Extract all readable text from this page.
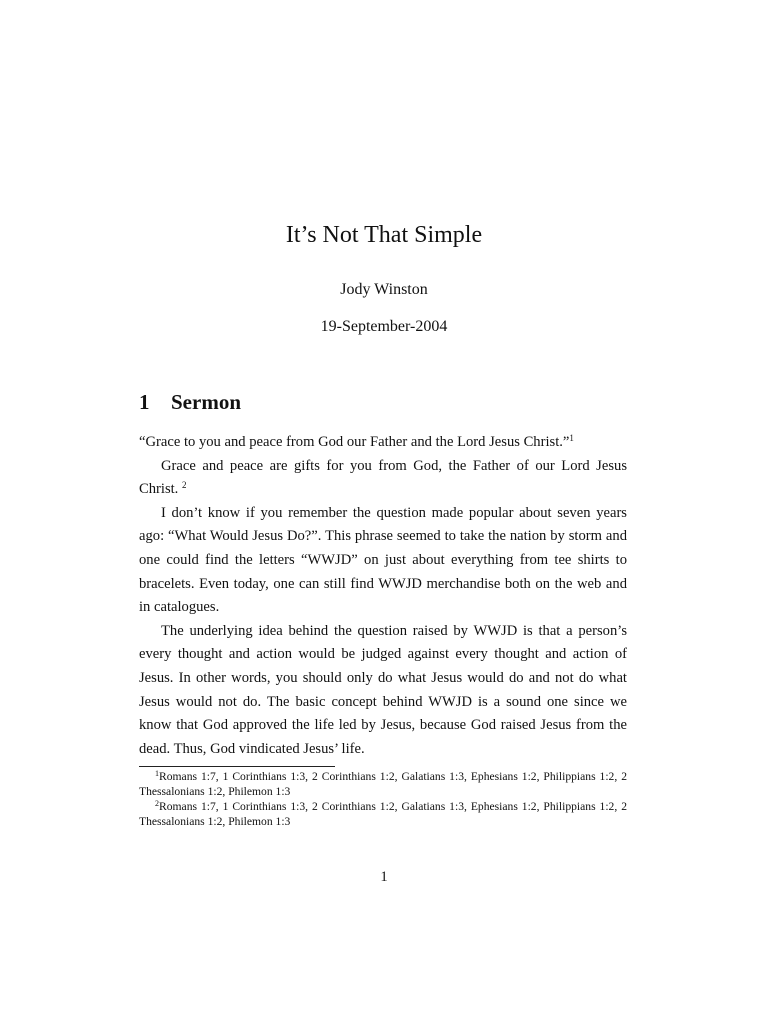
It’s Not That Simple
Jody Winston
19-September-2004
1 Sermon

“Grace to you and peace from God our Father and the Lord Jesus Christ.”$^1$

Grace and peace are gifts for you from God, the Father of our Lord Jesus Christ. $^2$

I don’t know if you remember the question made popular about seven years ago: “What Would Jesus Do?”. This phrase seemed to take the nation by storm and one could find the letters “WWJD” on just about everything from tee shirts to bracelets. Even today, one can still find WWJD merchandise both on the web and in catalogues.

The underlying idea behind the question raised by WWJD is that a person’s every thought and action would be judged against every thought and action of Jesus. In other words, you should only do what Jesus would do and not do what Jesus would not do. The basic concept behind WWJD is a sound one since we know that God approved the life led by Jesus, because God raised Jesus from the dead. Thus, God vindicated Jesus’ life.

$^1$Romans 1:7, 1 Corinthians 1:3, 2 Corinthians 1:2, Galatians 1:3, Ephesians 1:2, Philippians 1:2, 2 Thessalonians 1:2, Philemon 1:3

$^2$Romans 1:7, 1 Corinthians 1:3, 2 Corinthians 1:2, Galatians 1:3, Ephesians 1:2, Philippians 1:2, 2 Thessalonians 1:2, Philemon 1:3

1
